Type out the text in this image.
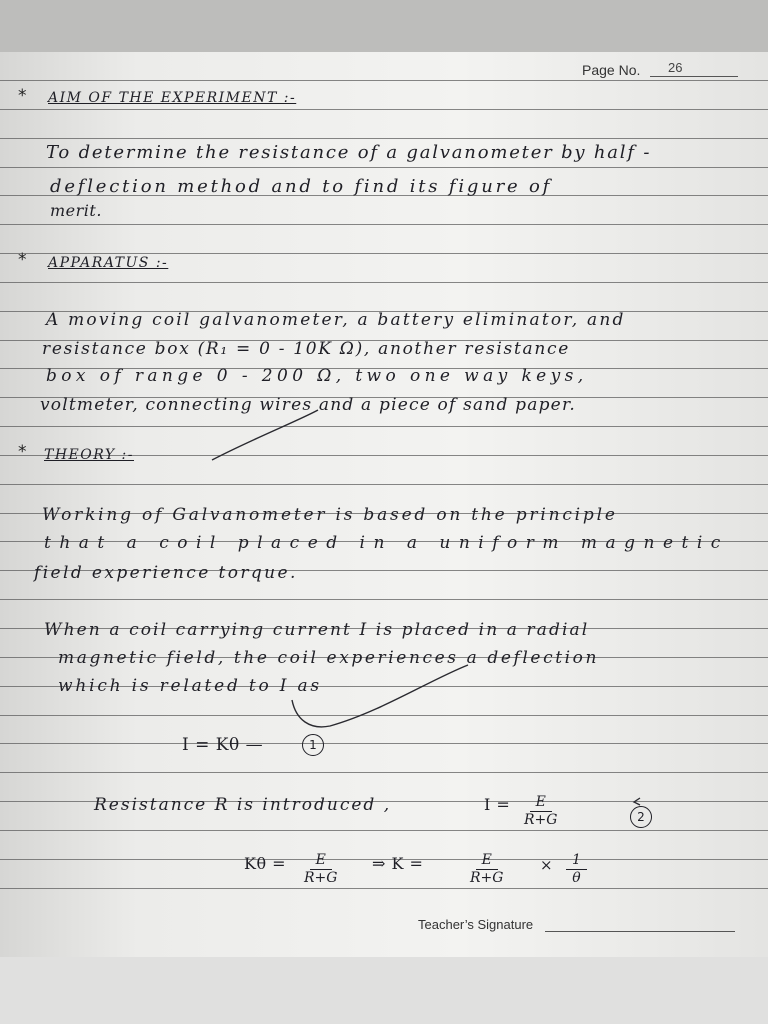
Page No. 26
* AIM OF THE EXPERIMENT :-
To determine the resistance of a galvanometer by half -
deflection method and to find its figure of
merit.
* APPARATUS :-
A moving coil galvanometer, a battery eliminator, and
resistance box (R₁ = 0 - 10K Ω), another resistance
box of range 0 - 200 Ω, two one way keys,
voltmeter, connecting wires and a piece of sand paper.
* THEORY :-
Working of Galvanometer is based on the principle
that a coil placed in a uniform magnetic
field experience torque.
When a coil carrying current I is placed in a radial
magnetic field, the coil experiences a deflection
which is related to I as
I = Kθ —	1
Resistance R is introduced ,	$I = \frac{E}{R+G}$	2
$K\theta = \frac{E}{R+G}$ ⇒ K =	$\frac{E}{R+G} \times \frac{1}{\theta}$
Teacher’s Signature
